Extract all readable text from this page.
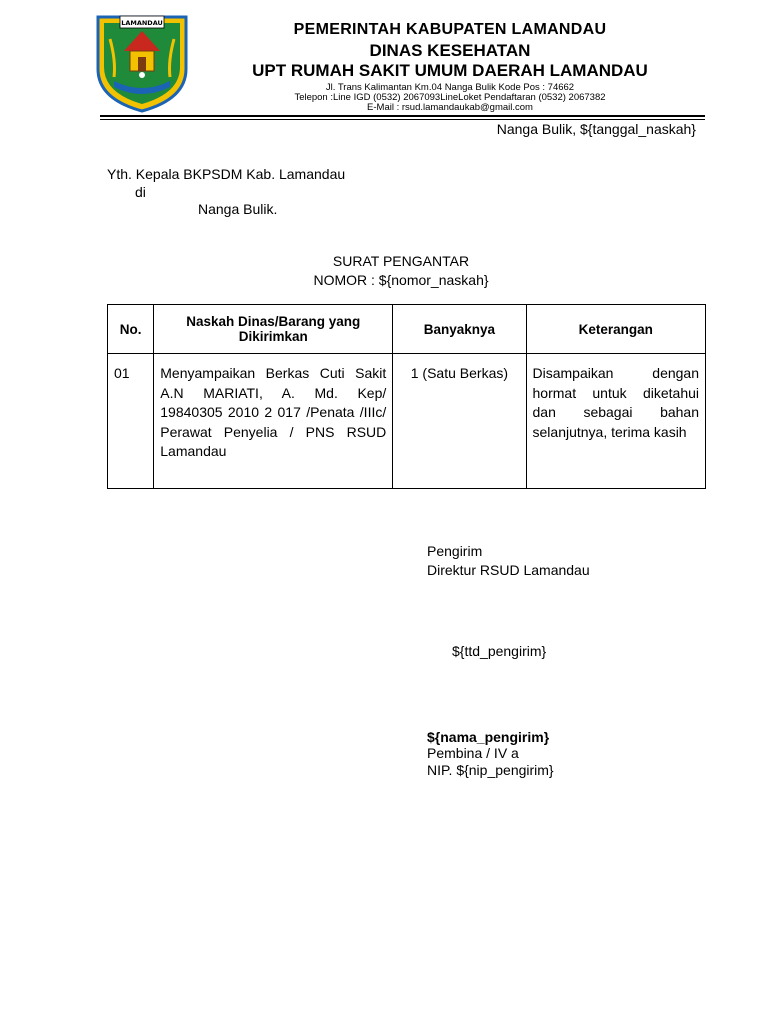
LAMANDAU	PEMERINTAH KABUPATEN LAMANDAU
DINAS KESEHATAN
UPT RUMAH SAKIT UMUM DAERAH LAMANDAU
Jl. Trans Kalimantan Km.04 Nanga Bulik Kode Pos : 74662
Telepon :Line IGD (0532) 2067093LineLoket Pendaftaran (0532) 2067382
E-Mail : rsud.lamandaukab@gmail.com
Nanga Bulik, ${tanggal_naskah}
Yth. Kepala BKPSDM Kab. Lamandau
di
Nanga Bulik.
SURAT PENGANTAR
NOMOR : ${nomor_naskah}
No.	Naskah Dinas/Barang yang Dikirimkan	Banyaknya	Keterangan
01	Menyampaikan Berkas Cuti Sakit A.N MARIATI, A. Md. Kep/ 19840305 2010 2 017 /Penata /IIIc/ Perawat Penyelia / PNS RSUD Lamandau	1 (Satu Berkas)	Disampaikan dengan hormat untuk diketahui dan sebagai bahan selanjutnya, terima kasih
Pengirim
Direktur RSUD Lamandau
${ttd_pengirim}
${nama_pengirim}
Pembina / IV a
NIP. ${nip_pengirim}
